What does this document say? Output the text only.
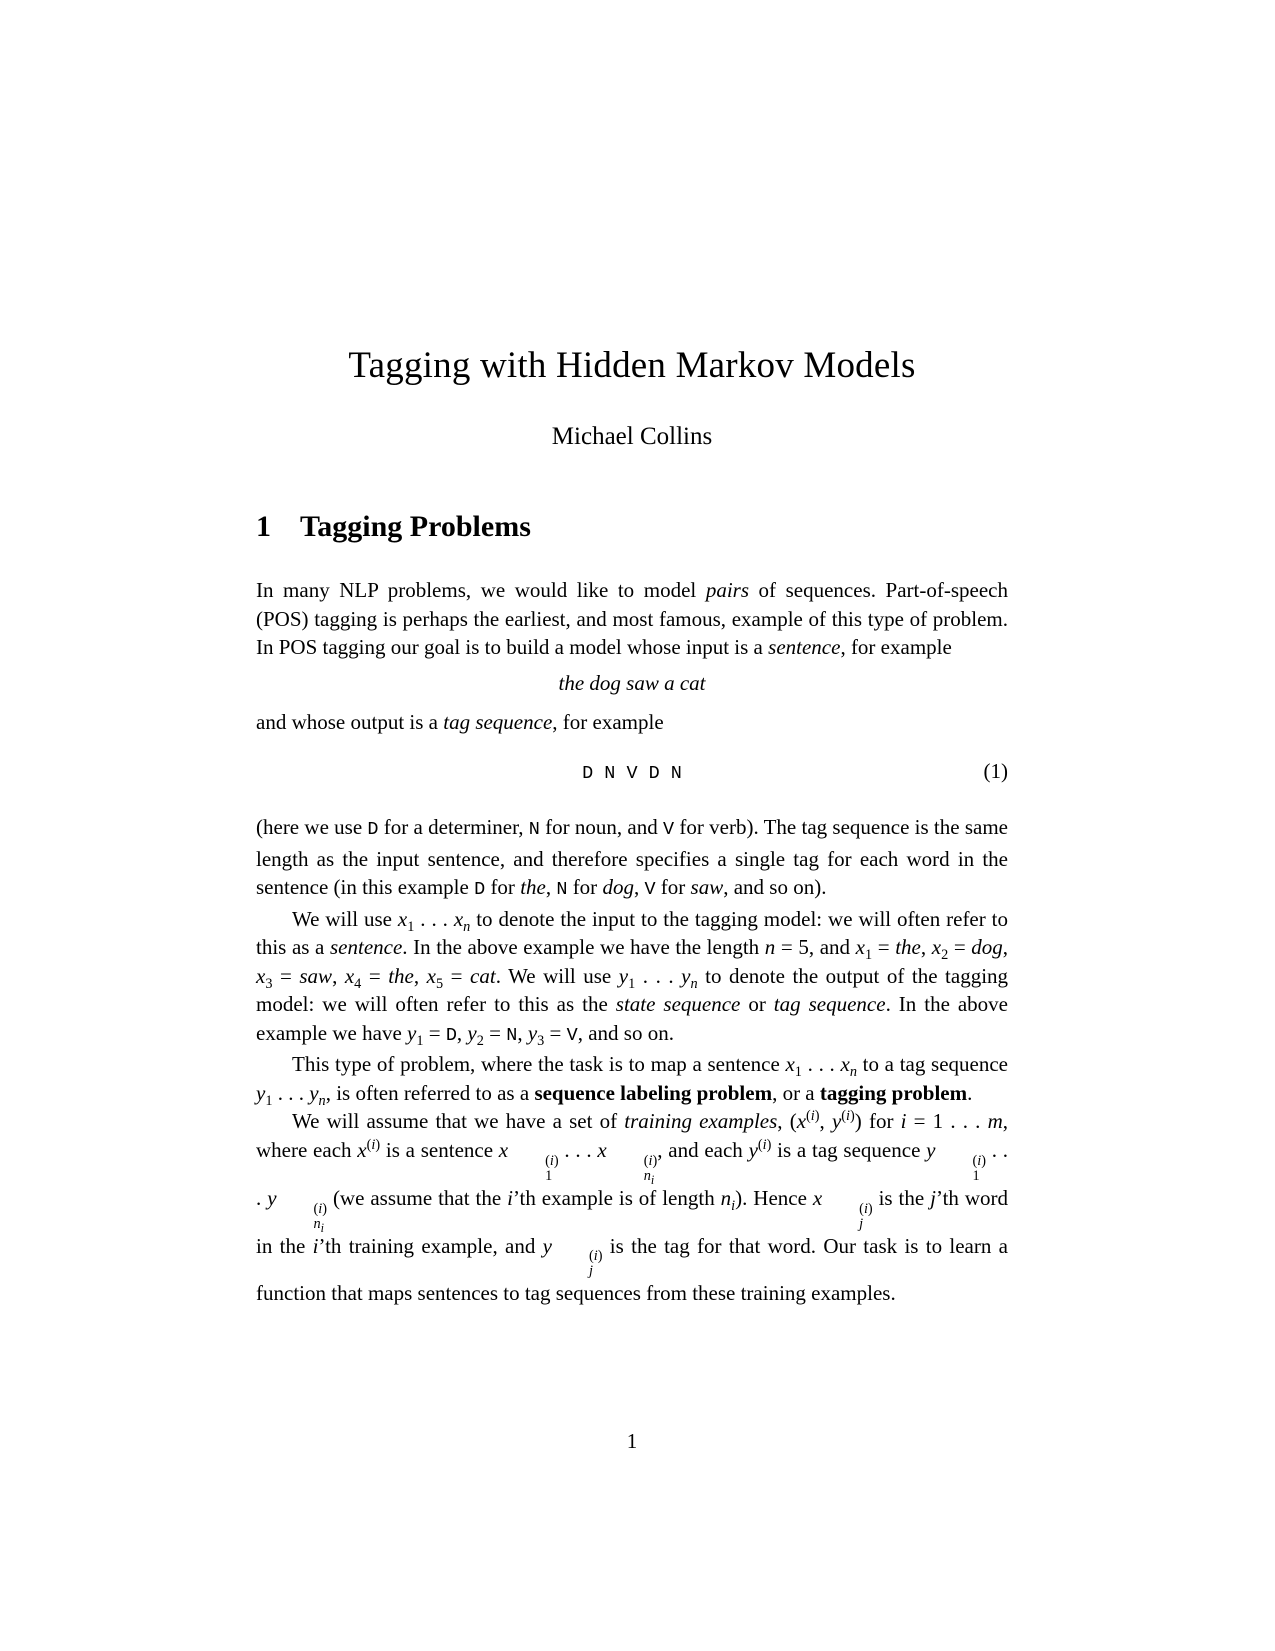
Tagging with Hidden Markov Models
Michael Collins
1 Tagging Problems
In many NLP problems, we would like to model pairs of sequences. Part-of-speech (POS) tagging is perhaps the earliest, and most famous, example of this type of problem. In POS tagging our goal is to build a model whose input is a sentence, for example
the dog saw a cat
and whose output is a tag sequence, for example
D N V D N	(1)
(here we use D for a determiner, N for noun, and V for verb). The tag sequence is the same length as the input sentence, and therefore specifies a single tag for each word in the sentence (in this example D for the, N for dog, V for saw, and so on).
We will use $x_1$ . . . $x_n$ to denote the input to the tagging model: we will often refer to this as a sentence. In the above example we have the length n = 5, and $x_1$ = the, $x_2$ = dog, $x_3$ = saw, $x_4$ = the, $x_5$ = cat. We will use $y_1$ . . . $y_n$ to denote the output of the tagging model: we will often refer to this as the state sequence or tag sequence. In the above example we have $y_1 = D$, $y_2 = N$, $y_3 = V$, and so on.
This type of problem, where the task is to map a sentence $x_1$ . . . $x_n$ to a tag sequence $y_1$ . . . $y_n$, is often referred to as a sequence labeling problem, or a tagging problem.
We will assume that we have a set of training examples, ($x^{(i)}$, $y^{(i)}$) for i = 1 . . . m, where each $x^{(i)}$ is a sentence x	(i)
1
. . . x	(i)
$n_i$
, and each $y^{(i)}$ is a tag sequence y	(i)
1
. . . y	(i)
$n_i$
(we assume that the i’th example is of length $n_i$). Hence x	(i)
j
is the j’th word in the i’th training example, and y	(i)
j
is the tag for that word. Our task is to learn a function that maps sentences to tag sequences from these training examples.
1
